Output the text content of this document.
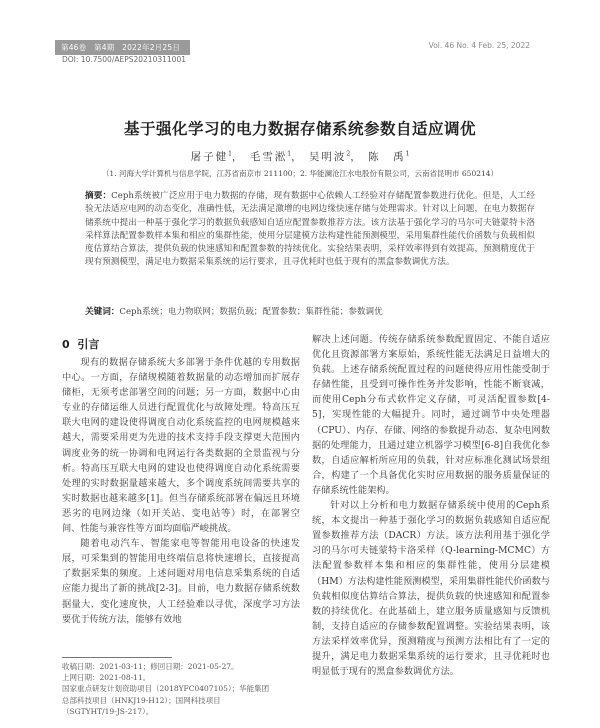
第46卷　第4期　2022年2月25日	Vol. 46 No. 4 Feb. 25, 2022
DOI: 10.7500/AEPS20210311001
基于强化学习的电力数据存储系统参数自适应调优
屠子健$^1$， 毛雪淞$^1$， 吴明波$^2$， 陈　禹$^1$
（1. 河海大学计算机与信息学院，江苏省南京市 211100；2. 华能澜沧江水电股份有限公司，云南省昆明市 650214）
摘要：Ceph系统被广泛应用于电力数据的存储，现有数据中心依赖人工经验对存储配置参数进行优化。但是，人工经验无法适应电网的动态变化，准确性低，无法满足激增的电网边缘快速存储与处理需求。针对以上问题，在电力数据存储系统中提出一种基于强化学习的数据负载感知自适应配置参数推荐方法。该方法基于强化学习的马尔可夫链蒙特卡洛采样算法配置参数样本集和相应的集群性能，使用分层建模方法构建性能预测模型，采用集群性能代价函数与负载相似度估算结合算法，提供负载的快速感知和配置参数的持续优化。实验结果表明，采样效率得到有效提高，预测精度优于现有预测模型，满足电力数据采集系统的运行要求，且寻优耗时也低于现有的黑盒参数调优方法。
关键词：Ceph系统；电力物联网；数据负载；配置参数；集群性能；参数调优
0 引言

现有的数据存储系统大多部署于条件优越的专用数据中心。一方面，存储规模随着数据量的动态增加而扩展存储柜，无须考虑部署空间的问题；另一方面，数据中心由专业的存储运维人员进行配置优化与故障处理。特高压互联大电网的建设使得调度自动化系统监控的电网规模越来越大，需要采用更为先进的技术支持手段支撑更大范围内调度业务的统一协调和电网运行各类数据的全景监视与分析。特高压互联大电网的建设也使得调度自动化系统需要处理的实时数据量越来越大，多个调度系统间需要共享的实时数据也越来越多[1]。但当存储系统部署在偏远且环境恶劣的电网边缘（如开关站、变电站等）时，在部署空间、性能与兼容性等方面均面临严峻挑战。

随着电动汽车、智能家电等智能用电设备的快速发展，可采集到的智能用电终端信息将快速增长，直接提高了数据采集的频度。上述问题对用电信息采集系统的自适应能力提出了新的挑战[2-3]。目前，电力数据存储系统数据量大、变化速度快，人工经验难以寻优，深度学习方法要优于传统方法，能够有效地

解决上述问题。传统存储系统参数配置固定、不能自适应优化且资源部署方案原始，系统性能无法满足日益增大的负载。上述存储系统配置过程的问题使得应用性能受制于存储性能，且受到可操作性务并发影响，性能不断衰减，而使用Ceph分布式软件定义存储，可灵活配置参数[4-5]，实现性能的大幅提升。同时，通过调节中央处理器（CPU）、内存、存储、网络的参数提升动态、复杂电网数据的处理能力，且通过建立机器学习模型[6-8]自我优化参数，自适应解析所应用的负载，针对应标准化测试场景组合，构建了一个具备优化实时应用数据的服务质量保证的存储系统性能架构。

针对以上分析和电力数据存储系统中使用的Ceph系统，本文提出一种基于强化学习的数据负载感知自适应配置参数推荐方法（DACR）方法。该方法利用基于强化学习的马尔可夫链蒙特卡洛采样（Q-learning-MCMC）方法配置参数样本集和相应的集群性能，使用分层建模（HM）方法构建性能预测模型，采用集群性能代价函数与负载相似度估算结合算法，提供负载的快速感知和配置参数的持续优化。在此基础上，建立服务质量感知与反馈机制，支持自适应的存储参数配置调整。实验结果表明，该方法采样效率优异，预测精度与预测方法相比有了一定的提升，满足电力数据采集系统的运行要求，且寻优耗时也明显低于现有的黑盒参数调优方法。

收稿日期：2021-03-11；修回日期：2021-05-27。
上网日期：2021-08-11。
国家重点研发计划资助项目（2018YFC0407105）；华能集团
总部科技项目（HNKJ19-H12）；国网科技项目
（SGTYHT/19-JS-217）。
